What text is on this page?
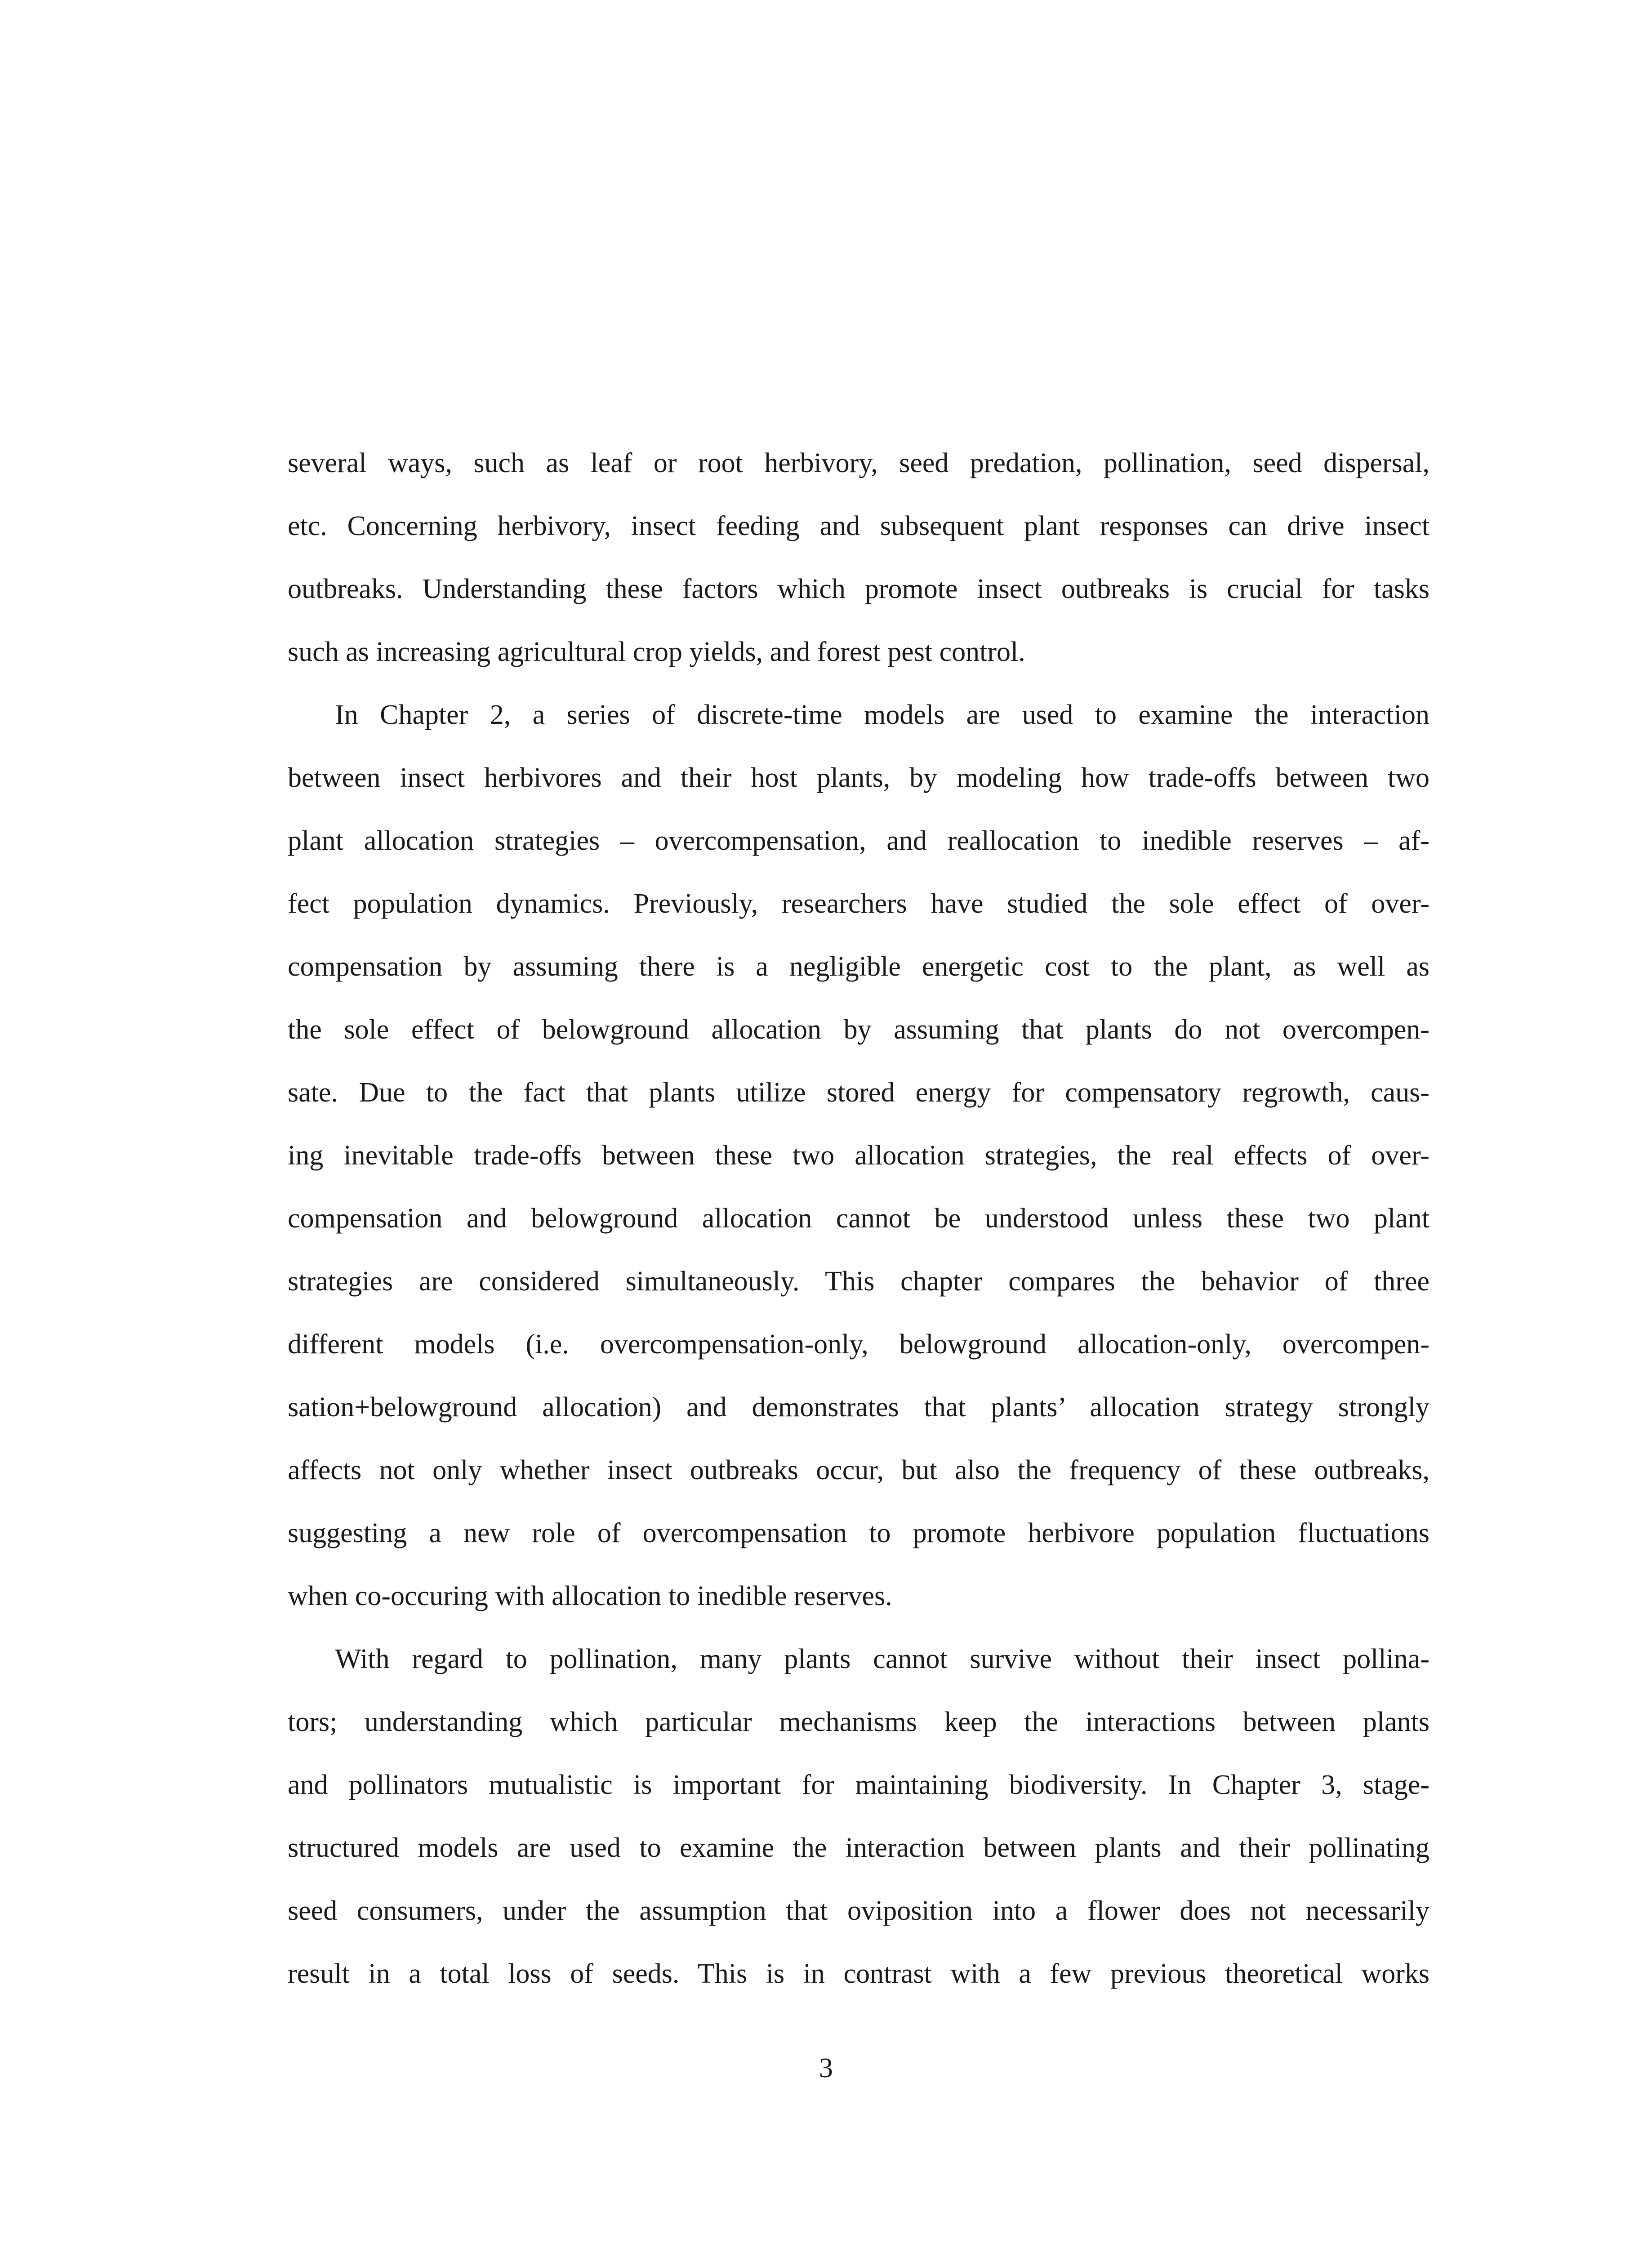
several ways, such as leaf or root herbivory, seed predation, pollination, seed dispersal,
etc. Concerning herbivory, insect feeding and subsequent plant responses can drive insect
outbreaks. Understanding these factors which promote insect outbreaks is crucial for tasks
such as increasing agricultural crop yields, and forest pest control.
In Chapter 2, a series of discrete-time models are used to examine the interaction
between insect herbivores and their host plants, by modeling how trade-offs between two
plant allocation strategies – overcompensation, and reallocation to inedible reserves – af-
fect population dynamics. Previously, researchers have studied the sole effect of over-
compensation by assuming there is a negligible energetic cost to the plant, as well as
the sole effect of belowground allocation by assuming that plants do not overcompen-
sate. Due to the fact that plants utilize stored energy for compensatory regrowth, caus-
ing inevitable trade-offs between these two allocation strategies, the real effects of over-
compensation and belowground allocation cannot be understood unless these two plant
strategies are considered simultaneously. This chapter compares the behavior of three
different models (i.e. overcompensation-only, belowground allocation-only, overcompen-
sation+belowground allocation) and demonstrates that plants’ allocation strategy strongly
affects not only whether insect outbreaks occur, but also the frequency of these outbreaks,
suggesting a new role of overcompensation to promote herbivore population fluctuations
when co-occuring with allocation to inedible reserves.
With regard to pollination, many plants cannot survive without their insect pollina-
tors; understanding which particular mechanisms keep the interactions between plants
and pollinators mutualistic is important for maintaining biodiversity. In Chapter 3, stage-
structured models are used to examine the interaction between plants and their pollinating
seed consumers, under the assumption that oviposition into a flower does not necessarily
result in a total loss of seeds. This is in contrast with a few previous theoretical works
3
